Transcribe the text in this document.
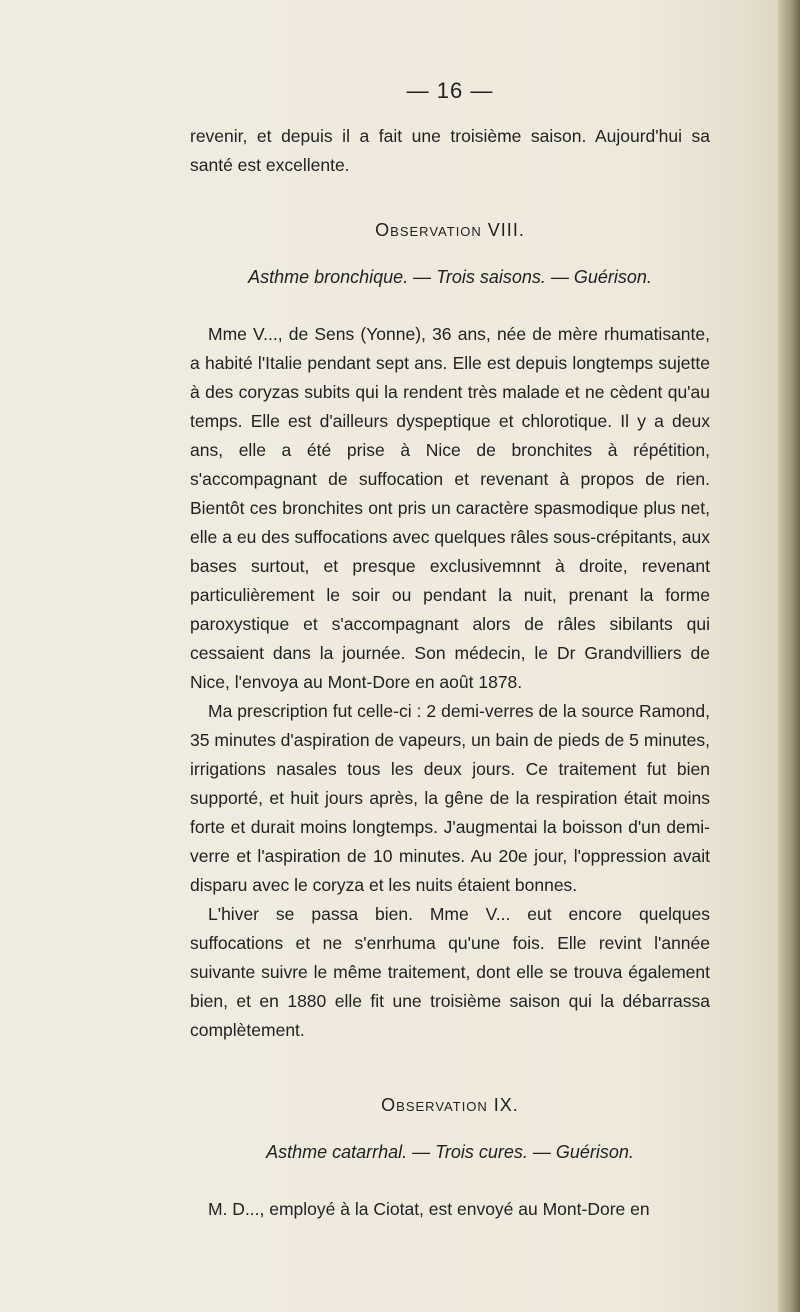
— 16 —

revenir, et depuis il a fait une troisième saison. Aujourd'hui sa santé est excellente.

Observation VIII.
Asthme bronchique. — Trois saisons. — Guérison.

Mme V..., de Sens (Yonne), 36 ans, née de mère rhumatisante, a habité l'Italie pendant sept ans. Elle est depuis longtemps sujette à des coryzas subits qui la rendent très malade et ne cèdent qu'au temps. Elle est d'ailleurs dyspeptique et chlorotique. Il y a deux ans, elle a été prise à Nice de bronchites à répétition, s'accompagnant de suffocation et revenant à propos de rien. Bientôt ces bronchites ont pris un caractère spasmodique plus net, elle a eu des suffocations avec quelques râles sous-crépitants, aux bases surtout, et presque exclusivemnnt à droite, revenant particulièrement le soir ou pendant la nuit, prenant la forme paroxystique et s'accompagnant alors de râles sibilants qui cessaient dans la journée. Son médecin, le Dr Grandvilliers de Nice, l'envoya au Mont-Dore en août 1878.

Ma prescription fut celle-ci : 2 demi-verres de la source Ramond, 35 minutes d'aspiration de vapeurs, un bain de pieds de 5 minutes, irrigations nasales tous les deux jours. Ce traitement fut bien supporté, et huit jours après, la gêne de la respiration était moins forte et durait moins longtemps. J'augmentai la boisson d'un demi-verre et l'aspiration de 10 minutes. Au 20e jour, l'oppression avait disparu avec le coryza et les nuits étaient bonnes.

L'hiver se passa bien. Mme V... eut encore quelques suffocations et ne s'enrhuma qu'une fois. Elle revint l'année suivante suivre le même traitement, dont elle se trouva également bien, et en 1880 elle fit une troisième saison qui la débarrassa complètement.

Observation IX.
Asthme catarrhal. — Trois cures. — Guérison.

M. D..., employé à la Ciotat, est envoyé au Mont-Dore en
